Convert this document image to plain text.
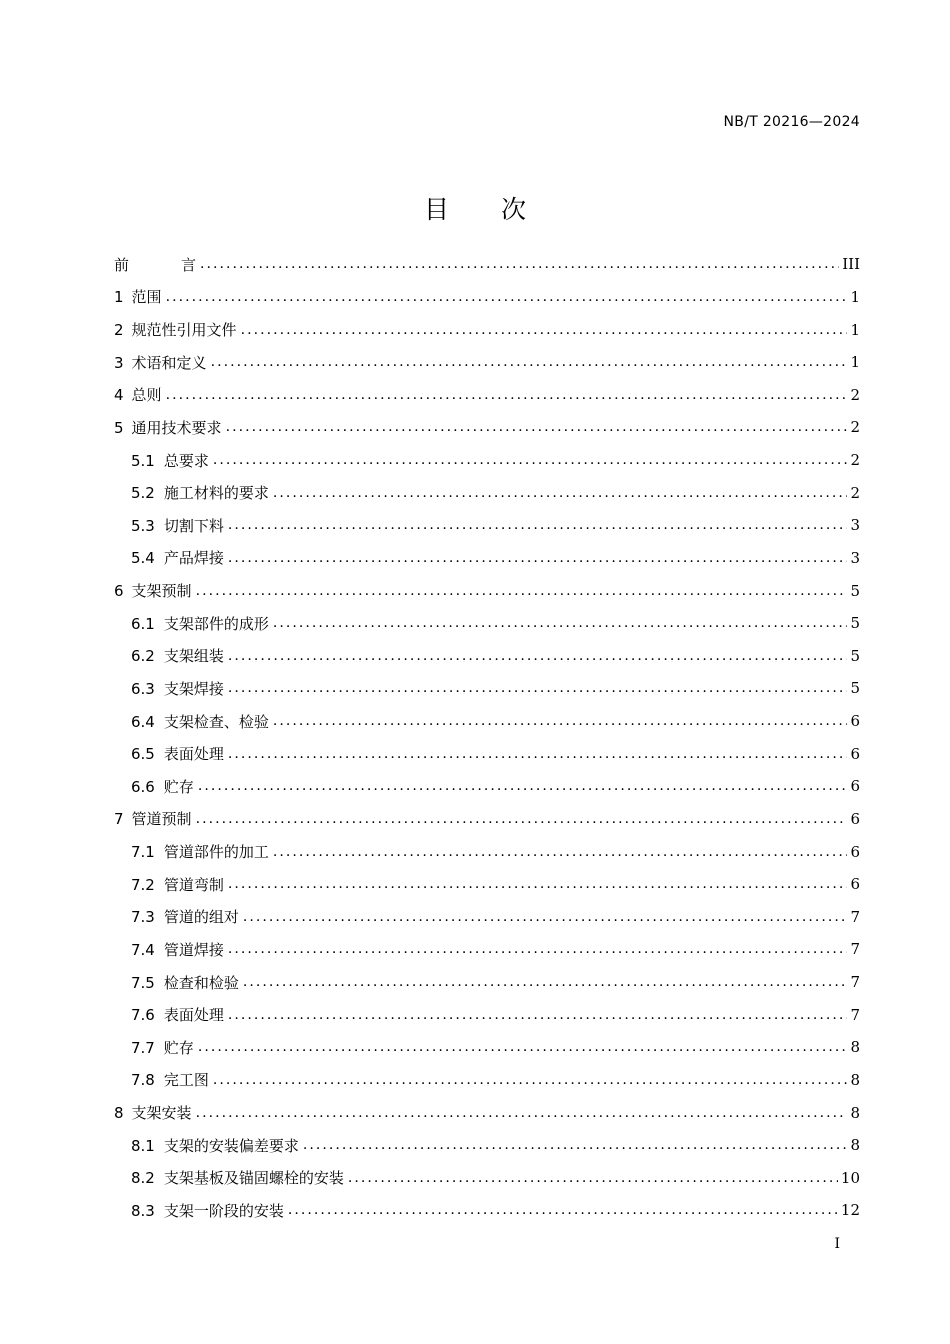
NB/T 20216—2024
目 次
前	言 . . .	III
1 范围 . . .	1
2 规范性引用文件 . . .	1
3 术语和定义 . . .	1
4 总则 . . .	2
5 通用技术要求 . . .	2
5.1 总要求 . . .	2
5.2 施工材料的要求 . . .	2
5.3 切割下料 . . .	3
5.4 产品焊接 . . .	3
6 支架预制 . . .	5
6.1 支架部件的成形 . . .	5
6.2 支架组装 . . .	5
6.3 支架焊接 . . .	5
6.4 支架检查、检验 . . .	6
6.5 表面处理 . . .	6
6.6 贮存 . . .	6
7 管道预制 . . .	6
7.1 管道部件的加工 . . .	6
7.2 管道弯制 . . .	6
7.3 管道的组对 . . .	7
7.4 管道焊接 . . .	7
7.5 检查和检验 . . .	7
7.6 表面处理 . . .	7
7.7 贮存 . . .	8
7.8 完工图 . . .	8
8 支架安装 . . .	8
8.1 支架的安装偏差要求 . . .	8
8.2 支架基板及锚固螺栓的安装 . . .	10
8.3 支架一阶段的安装 . . .	12
I
